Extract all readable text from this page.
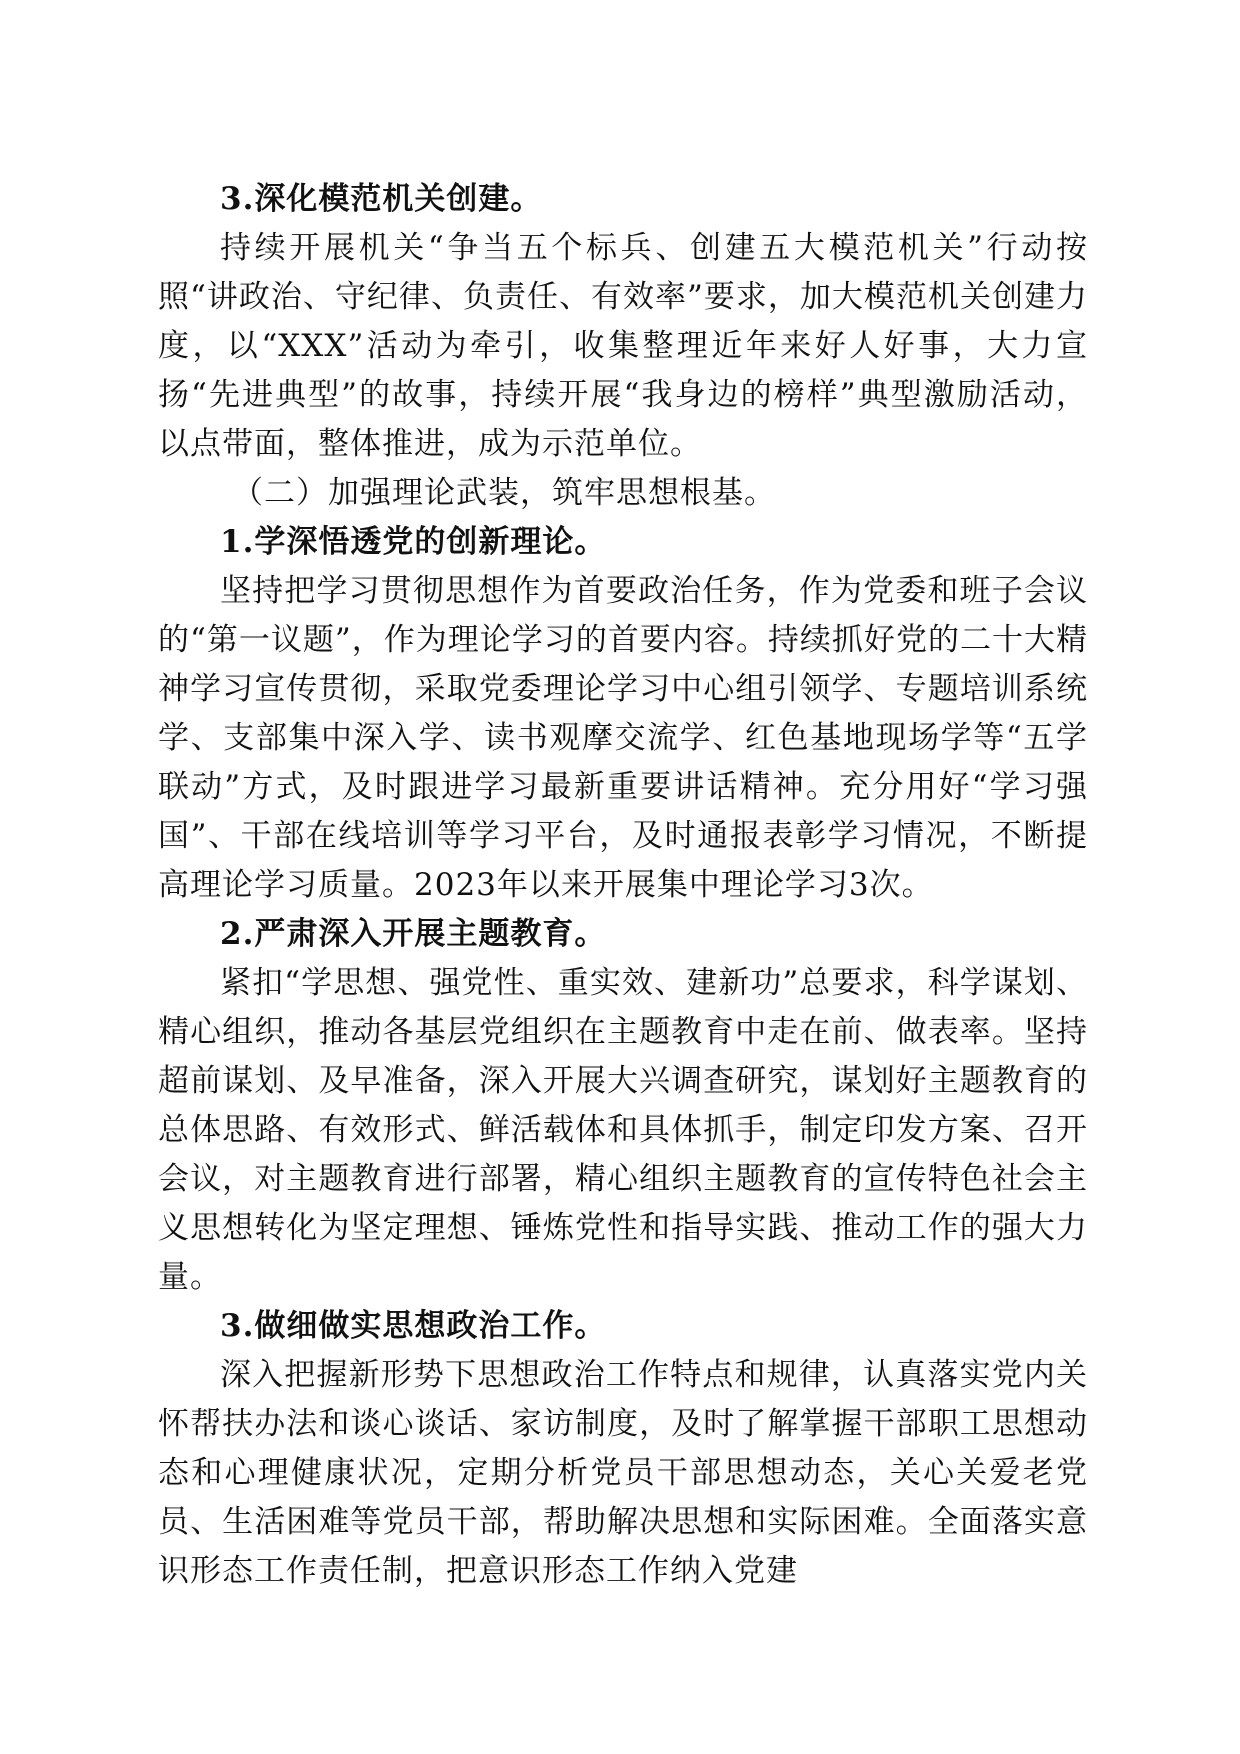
3.深化模范机关创建。

持续开展机关“争当五个标兵、创建五大模范机关”行动按照“讲政治、守纪律、负责任、有效率”要求，加大模范机关创建力度，以“XXX”活动为牵引，收集整理近年来好人好事，大力宣扬“先进典型”的故事，持续开展“我身边的榜样”典型激励活动，以点带面，整体推进，成为示范单位。

（二）加强理论武装，筑牢思想根基。

1.学深悟透党的创新理论。

坚持把学习贯彻思想作为首要政治任务，作为党委和班子会议的“第一议题”，作为理论学习的首要内容。持续抓好党的二十大精神学习宣传贯彻，采取党委理论学习中心组引领学、专题培训系统学、支部集中深入学、读书观摩交流学、红色基地现场学等“五学联动”方式，及时跟进学习最新重要讲话精神。充分用好“学习强国”、干部在线培训等学习平台，及时通报表彰学习情况，不断提高理论学习质量。2023年以来开展集中理论学习3次。

2.严肃深入开展主题教育。

紧扣“学思想、强党性、重实效、建新功”总要求，科学谋划、精心组织，推动各基层党组织在主题教育中走在前、做表率。坚持超前谋划、及早准备，深入开展大兴调查研究，谋划好主题教育的总体思路、有效形式、鲜活载体和具体抓手，制定印发方案、召开会议，对主题教育进行部署，精心组织主题教育的宣传特色社会主义思想转化为坚定理想、锤炼党性和指导实践、推动工作的强大力量。

3.做细做实思想政治工作。

深入把握新形势下思想政治工作特点和规律，认真落实党内关怀帮扶办法和谈心谈话、家访制度，及时了解掌握干部职工思想动态和心理健康状况，定期分析党员干部思想动态，关心关爱老党员、生活困难等党员干部，帮助解决思想和实际困难。全面落实意识形态工作责任制，把意识形态工作纳入党建
